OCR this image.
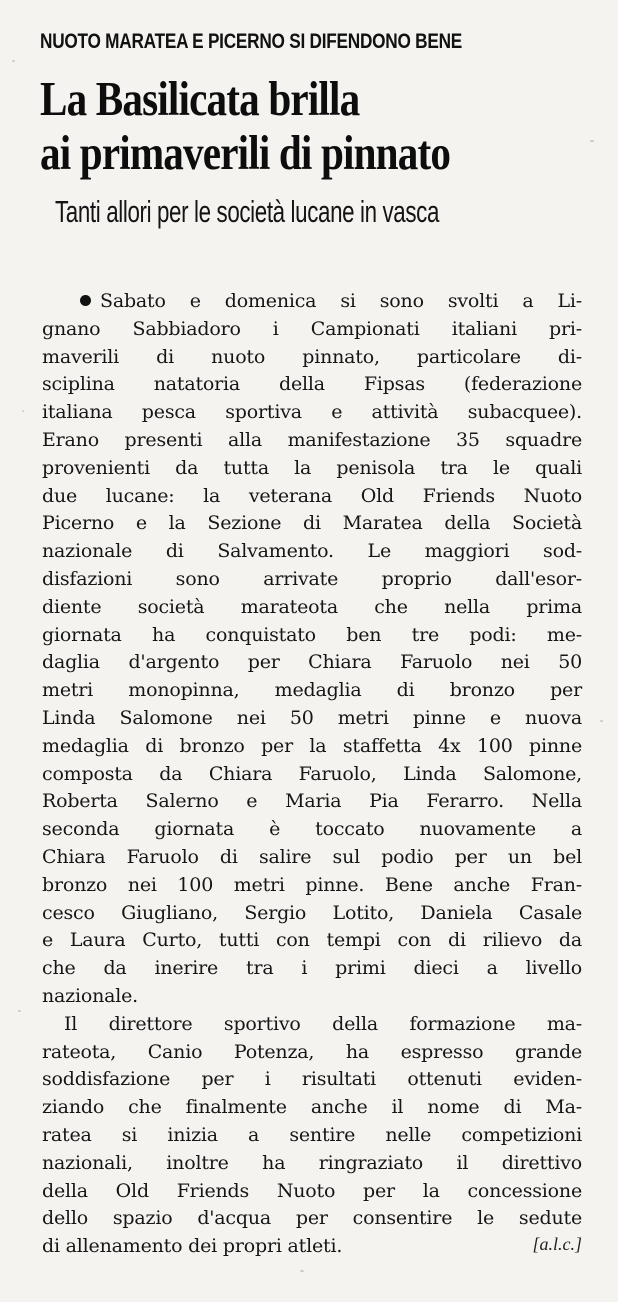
NUOTO MARATEA E PICERNO SI DIFENDONO BENE
La Basilicata brilla
ai primaverili di pinnato
Tanti allori per le società lucane in vasca
Sabato e domenica si sono svolti a Li-
gnano Sabbiadoro i Campionati italiani pri-
maverili di nuoto pinnato, particolare di-
sciplina natatoria della Fipsas (federazione
italiana pesca sportiva e attività subacquee).
Erano presenti alla manifestazione 35 squadre
provenienti da tutta la penisola tra le quali
due lucane: la veterana Old Friends Nuoto
Picerno e la Sezione di Maratea della Società
nazionale di Salvamento. Le maggiori sod-
disfazioni sono arrivate proprio dall'esor-
diente società marateota che nella prima
giornata ha conquistato ben tre podi: me-
daglia d'argento per Chiara Faruolo nei 50
metri monopinna, medaglia di bronzo per
Linda Salomone nei 50 metri pinne e nuova
medaglia di bronzo per la staffetta 4x 100 pinne
composta da Chiara Faruolo, Linda Salomone,
Roberta Salerno e Maria Pia Ferarro. Nella
seconda giornata è toccato nuovamente a
Chiara Faruolo di salire sul podio per un bel
bronzo nei 100 metri pinne. Bene anche Fran-
cesco Giugliano, Sergio Lotito, Daniela Casale
e Laura Curto, tutti con tempi con di rilievo da
che da inerire tra i primi dieci a livello
nazionale.
Il direttore sportivo della formazione ma-
rateota, Canio Potenza, ha espresso grande
soddisfazione per i risultati ottenuti eviden-
ziando che finalmente anche il nome di Ma-
ratea si inizia a sentire nelle competizioni
nazionali, inoltre ha ringraziato il direttivo
della Old Friends Nuoto per la concessione
dello spazio d'acqua per consentire le sedute
di allenamento dei propri atleti.	[a.l.c.]
